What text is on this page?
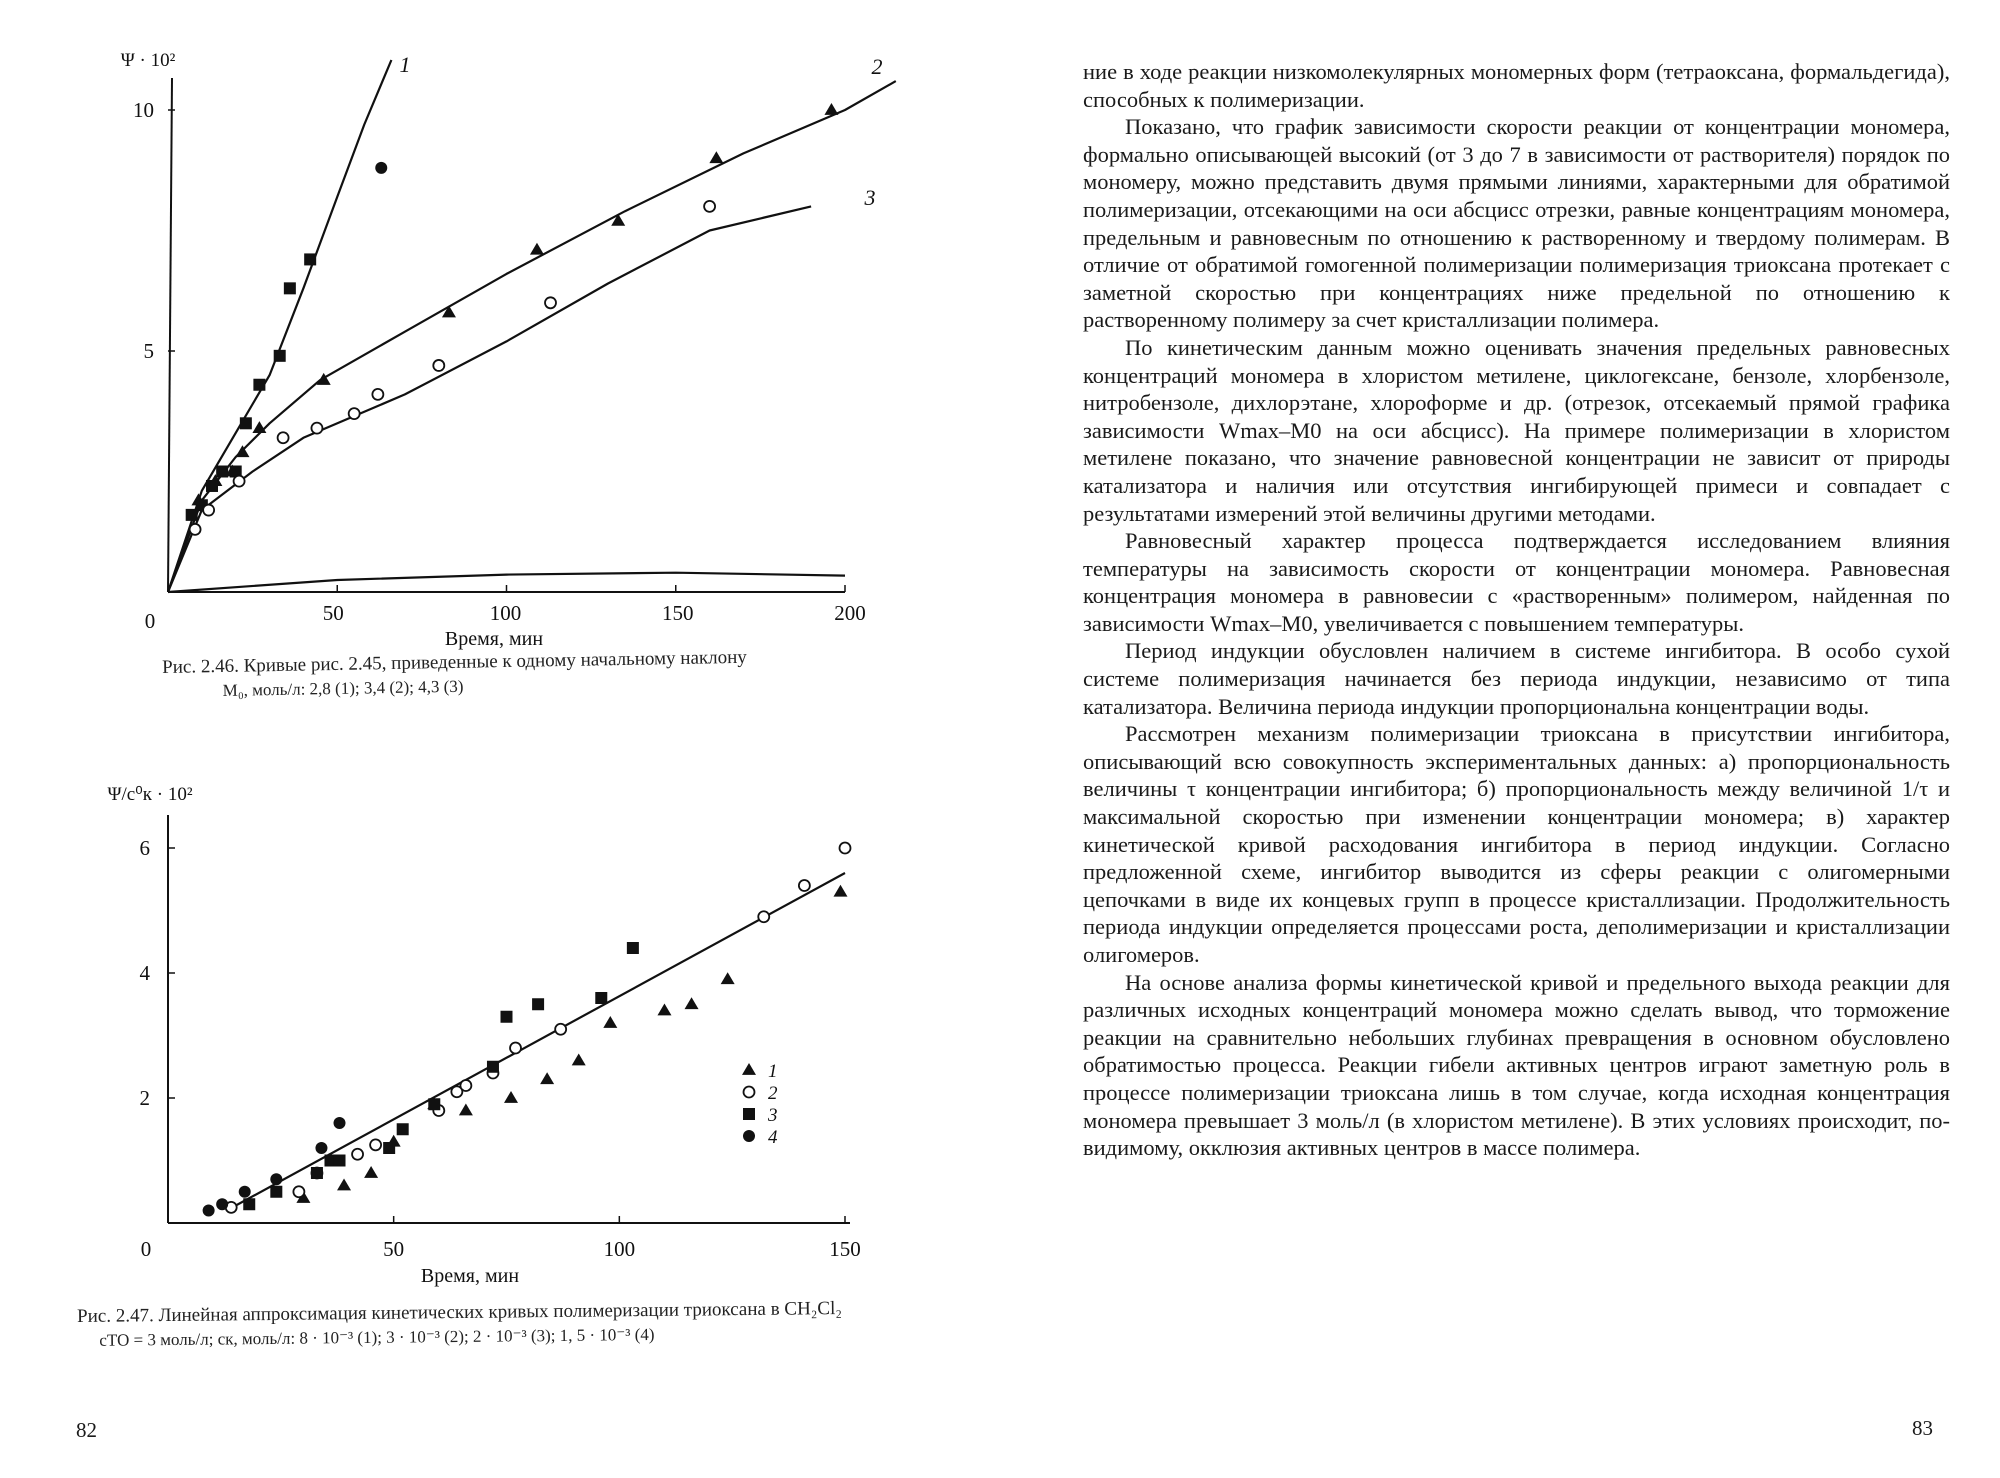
50	100	150	200
5
10
0
Ψ · 10²
Время, мин
1	2
3
Рис. 2.46. Кривые рис. 2.45, приведенные к одному начальному наклону
M₀, моль/л: 2,8 (1); 3,4 (2); 4,3 (3)
50	100	150
2
4
6
0
Ψ/c⁰к · 10²
Время, мин
1
2
3
4
Рис. 2.47. Линейная аппроксимация кинетических кривых полимеризации триоксана в CH₂Cl₂
cТО = 3 моль/л; cк, моль/л: 8 · 10⁻³ (1); 3 · 10⁻³ (2); 2 · 10⁻³ (3); 1, 5 · 10⁻³ (4)
82

ние в ходе реакции низкомолекулярных мономерных форм (тетраоксана, формальдегида), способных к полимеризации.

Показано, что график зависимости скорости реакции от концентрации мономера, формально описывающей высокий (от 3 до 7 в зависимости от растворителя) порядок по мономеру, можно представить двумя прямыми линиями, характерными для обратимой полимеризации, отсекающими на оси абсцисс отрезки, равные концентрациям мономера, предельным и равновесным по отношению к растворенному и твердому полимерам. В отличие от обратимой гомогенной полимеризации полимеризация триоксана протекает с заметной скоростью при концентрациях ниже предельной по отношению к растворенному полимеру за счет кристаллизации полимера.

По кинетическим данным можно оценивать значения предельных равновесных концентраций мономера в хлористом метилене, циклогексане, бензоле, хлорбензоле, нитробензоле, дихлорэтане, хлороформе и др. (отрезок, отсекаемый прямой графика зависимости Wmax–M0 на оси абсцисс). На примере полимеризации в хлористом метилене показано, что значение равновесной концентрации не зависит от природы катализатора и наличия или отсутствия ингибирующей примеси и совпадает с результатами измерений этой величины другими методами.

Равновесный характер процесса подтверждается исследованием влияния температуры на зависимость скорости от концентрации мономера. Равновесная концентрация мономера в равновесии с «растворенным» полимером, найденная по зависимости Wmax–M0, увеличивается с повышением температуры.

Период индукции обусловлен наличием в системе ингибитора. В особо сухой системе полимеризация начинается без периода индукции, независимо от типа катализатора. Величина периода индукции пропорциональна концентрации воды.

Рассмотрен механизм полимеризации триоксана в присутствии ингибитора, описывающий всю совокупность экспериментальных данных: а) пропорциональность величины τ концентрации ингибитора; б) пропорциональность между величиной 1/τ и максимальной скоростью при изменении концентрации мономера; в) характер кинетической кривой расходования ингибитора в период индукции. Согласно предложенной схеме, ингибитор выводится из сферы реакции с олигомерными цепочками в виде их концевых групп в процессе кристаллизации. Продолжительность периода индукции определяется процессами роста, деполимеризации и кристаллизации олигомеров.

На основе анализа формы кинетической кривой и предельного выхода реакции для различных исходных концентраций мономера можно сделать вывод, что торможение реакции на сравнительно небольших глубинах превращения в основном обусловлено обратимостью процесса. Реакции гибели активных центров играют заметную роль в процессе полимеризации триоксана лишь в том случае, когда исходная концентрация мономера превышает 3 моль/л (в хлористом метилене). В этих условиях происходит, по-видимому, окклюзия активных центров в массе полимера.

83
